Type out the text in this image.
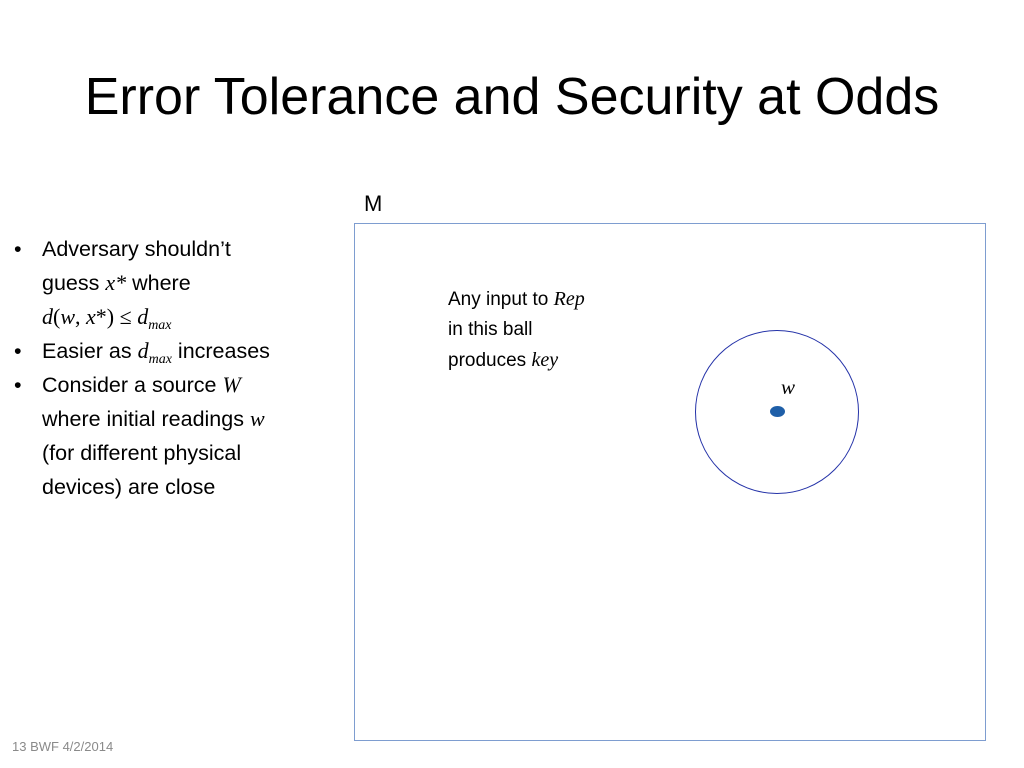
Error Tolerance and Security at Odds
• Adversary shouldn’t
guess x* where
d(w, $x*) \le d_{max}$
• Easier as $d_{max}$ increases
• Consider a source W
where initial readings w
(for different physical
devices) are close
M
Any input to Rep
in this ball
produces key
w
13 BWF 4/2/2014
